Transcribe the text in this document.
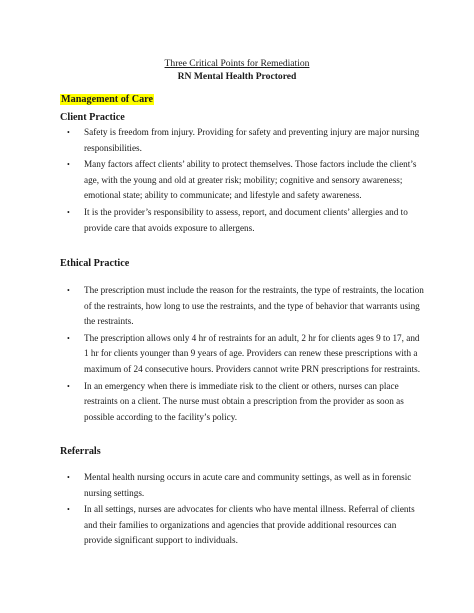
Three Critical Points for Remediation
RN Mental Health Proctored
Management of Care
Client Practice
• Safety is freedom from injury. Providing for safety and preventing injury are major nursing responsibilities.
• Many factors affect clients’ ability to protect themselves. Those factors include the client’s age, with the young and old at greater risk; mobility; cognitive and sensory awareness; emotional state; ability to communicate; and lifestyle and safety awareness.
• It is the provider’s responsibility to assess, report, and document clients’ allergies and to provide care that avoids exposure to allergens.
Ethical Practice
• The prescription must include the reason for the restraints, the type of restraints, the location of the restraints, how long to use the restraints, and the type of behavior that warrants using the restraints.
• The prescription allows only 4 hr of restraints for an adult, 2 hr for clients ages 9 to 17, and 1 hr for clients younger than 9 years of age. Providers can renew these prescriptions with a maximum of 24 consecutive hours. Providers cannot write PRN prescriptions for restraints.
• In an emergency when there is immediate risk to the client or others, nurses can place restraints on a client. The nurse must obtain a prescription from the provider as soon as possible according to the facility’s policy.
Referrals
• Mental health nursing occurs in acute care and community settings, as well as in forensic nursing settings.
• In all settings, nurses are advocates for clients who have mental illness. Referral of clients and their families to organizations and agencies that provide additional resources can provide significant support to individuals.
